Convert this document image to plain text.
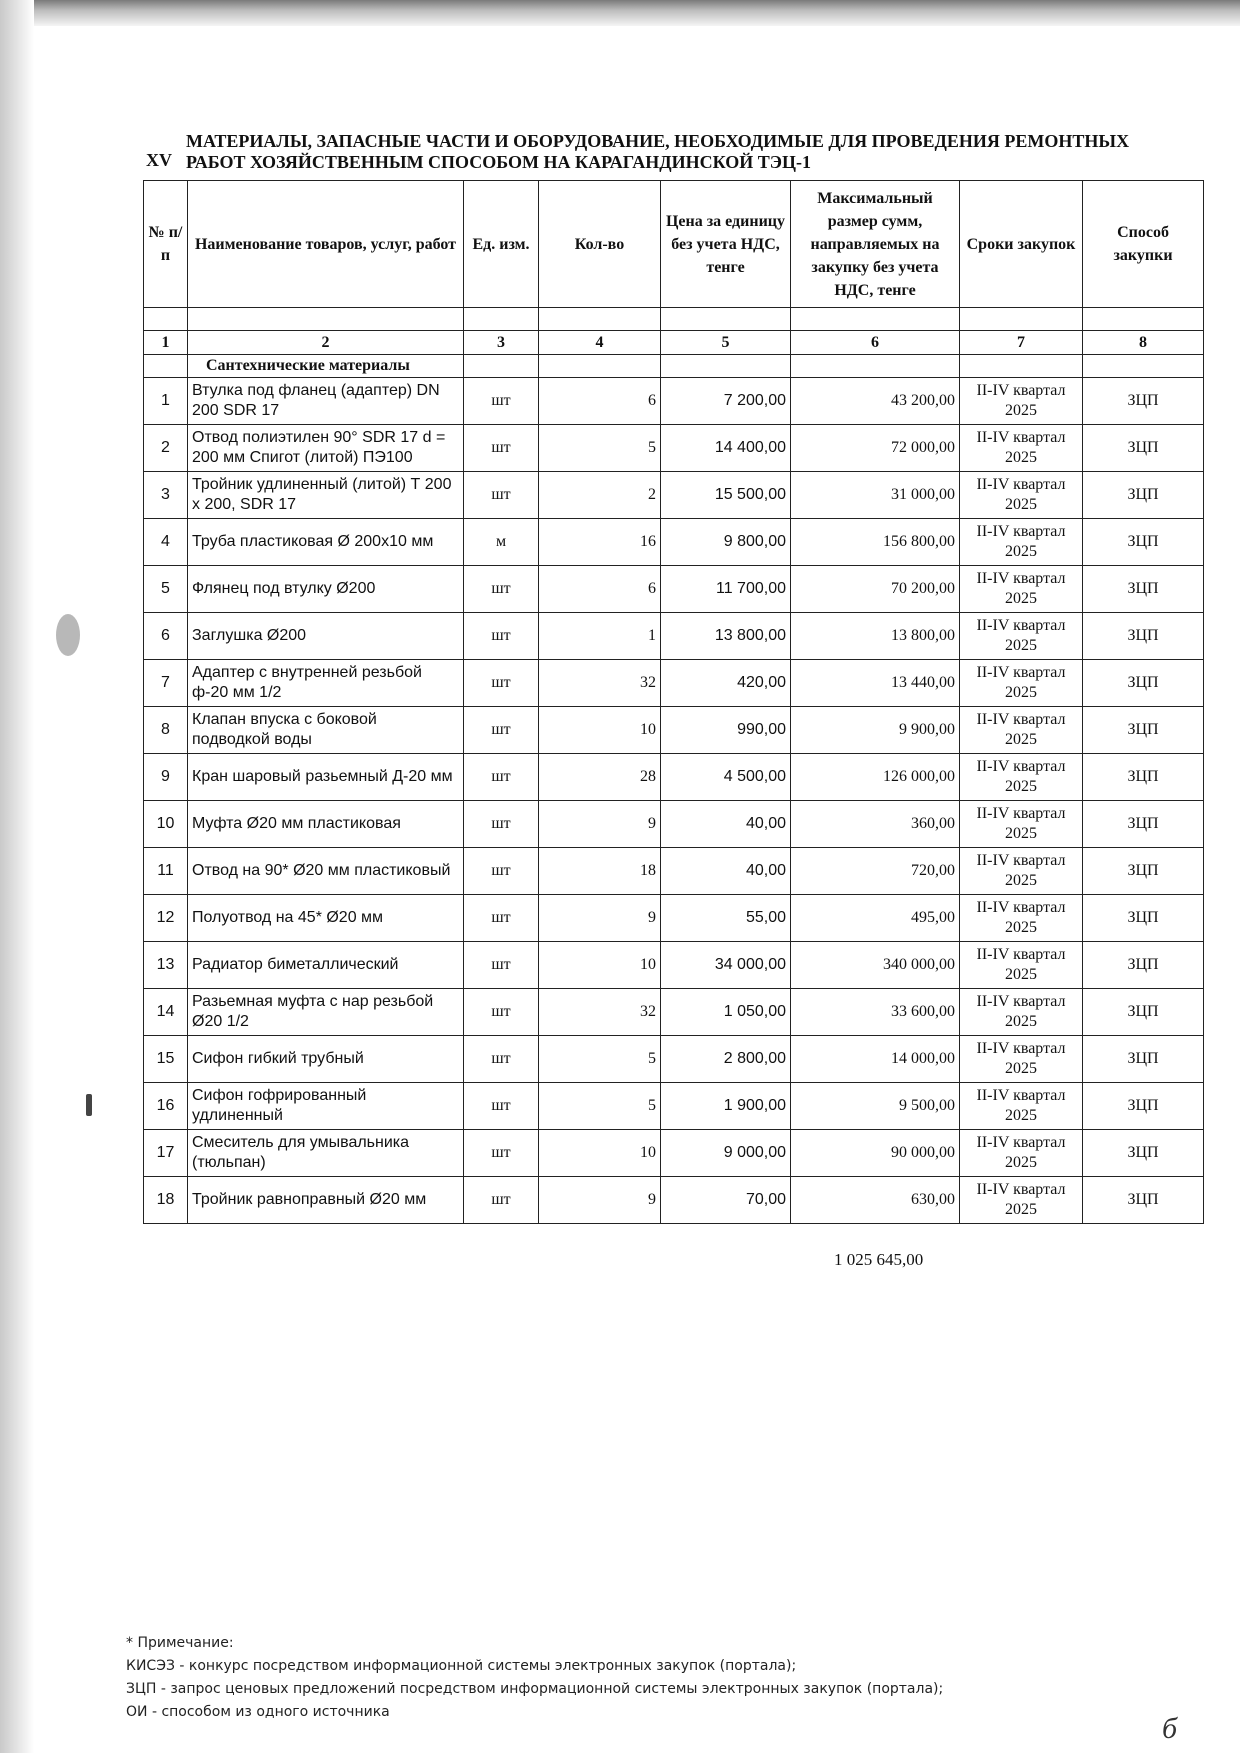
XV
МАТЕРИАЛЫ, ЗАПАСНЫЕ ЧАСТИ И ОБОРУДОВАНИЕ, НЕОБХОДИМЫЕ ДЛЯ ПРОВЕДЕНИЯ РЕМОНТНЫХ РАБОТ ХОЗЯЙСТВЕННЫМ СПОСОБОМ НА КАРАГАНДИНСКОЙ ТЭЦ-1
№ п/п	Наименование товаров, услуг, работ	Ед. изм.	Кол-во	Цена за единицу без учета НДС, тенге	Максимальный размер сумм, направляемых на закупку без учета НДС, тенге	Сроки закупок	Способ закупки

1	2	3	4	5	6	7	8
	Сантехнические материалы						
1	Втулка под фланец (адаптер) DN 200 SDR 17	шт	6	7 200,00	43 200,00	II-IV квартал 2025	ЗЦП
2	Отвод полиэтилен 90° SDR 17 d = 200 мм Спигот (литой) ПЭ100	шт	5	14 400,00	72 000,00	II-IV квартал 2025	ЗЦП
3	Тройник удлиненный (литой) Т 200 х 200, SDR 17	шт	2	15 500,00	31 000,00	II-IV квартал 2025	ЗЦП
4	Труба пластиковая Ø 200х10 мм	м	16	9 800,00	156 800,00	II-IV квартал 2025	ЗЦП
5	Флянец под втулку Ø200	шт	6	11 700,00	70 200,00	II-IV квартал 2025	ЗЦП
6	Заглушка Ø200	шт	1	13 800,00	13 800,00	II-IV квартал 2025	ЗЦП
7	Адаптер с внутренней резьбой ф-20 мм 1/2	шт	32	420,00	13 440,00	II-IV квартал 2025	ЗЦП
8	Клапан впуска с боковой подводкой воды	шт	10	990,00	9 900,00	II-IV квартал 2025	ЗЦП
9	Кран шаровый разьемный Д-20 мм	шт	28	4 500,00	126 000,00	II-IV квартал 2025	ЗЦП
10	Муфта Ø20 мм пластиковая	шт	9	40,00	360,00	II-IV квартал 2025	ЗЦП
11	Отвод на 90* Ø20 мм пластиковый	шт	18	40,00	720,00	II-IV квартал 2025	ЗЦП
12	Полуотвод на 45* Ø20 мм	шт	9	55,00	495,00	II-IV квартал 2025	ЗЦП
13	Радиатор биметаллический	шт	10	34 000,00	340 000,00	II-IV квартал 2025	ЗЦП
14	Разьемная муфта с нар резьбой Ø20 1/2	шт	32	1 050,00	33 600,00	II-IV квартал 2025	ЗЦП
15	Сифон гибкий трубный	шт	5	2 800,00	14 000,00	II-IV квартал 2025	ЗЦП
16	Сифон гофрированный удлиненный	шт	5	1 900,00	9 500,00	II-IV квартал 2025	ЗЦП
17	Смеситель для умывальника (тюльпан)	шт	10	9 000,00	90 000,00	II-IV квартал 2025	ЗЦП
18	Тройник равноправный Ø20 мм	шт	9	70,00	630,00	II-IV квартал 2025	ЗЦП
1 025 645,00
* Примечание:
КИСЭЗ - конкурс посредством информационной системы электронных закупок (портала);
ЗЦП - запрос ценовых предложений посредством информационной системы электронных закупок (портала);
ОИ - способом из одного источника	б
